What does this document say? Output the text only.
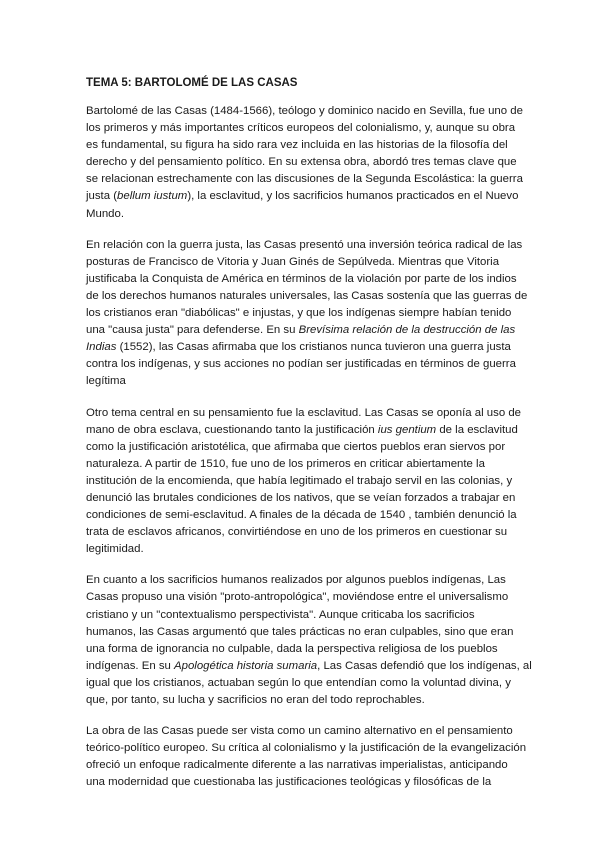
TEMA 5: BARTOLOMÉ DE LAS CASAS
Bartolomé de las Casas (1484-1566), teólogo y dominico nacido en Sevilla, fue uno de
los primeros y más importantes críticos europeos del colonialismo, y, aunque su obra
es fundamental, su figura ha sido rara vez incluida en las historias de la filosofía del
derecho y del pensamiento político. En su extensa obra, abordó tres temas clave que
se relacionan estrechamente con las discusiones de la Segunda Escolástica: la guerra
justa (bellum iustum), la esclavitud, y los sacrificios humanos practicados en el Nuevo
Mundo.
En relación con la guerra justa, las Casas presentó una inversión teórica radical de las
posturas de Francisco de Vitoria y Juan Ginés de Sepúlveda. Mientras que Vitoria
justificaba la Conquista de América en términos de la violación por parte de los indios
de los derechos humanos naturales universales, las Casas sostenía que las guerras de
los cristianos eran "diabólicas" e injustas, y que los indígenas siempre habían tenido
una "causa justa" para defenderse. En su Brevísima relación de la destrucción de las
Indias (1552), las Casas afirmaba que los cristianos nunca tuvieron una guerra justa
contra los indígenas, y sus acciones no podían ser justificadas en términos de guerra
legítima
Otro tema central en su pensamiento fue la esclavitud. Las Casas se oponía al uso de
mano de obra esclava, cuestionando tanto la justificación ius gentium de la esclavitud
como la justificación aristotélica, que afirmaba que ciertos pueblos eran siervos por
naturaleza. A partir de 1510, fue uno de los primeros en criticar abiertamente la
institución de la encomienda, que había legitimado el trabajo servil en las colonias, y
denunció las brutales condiciones de los nativos, que se veían forzados a trabajar en
condiciones de semi-esclavitud. A finales de la década de 1540 , también denunció la
trata de esclavos africanos, convirtiéndose en uno de los primeros en cuestionar su
legitimidad.
En cuanto a los sacrificios humanos realizados por algunos pueblos indígenas, Las
Casas propuso una visión "proto-antropológica", moviéndose entre el universalismo
cristiano y un "contextualismo perspectivista". Aunque criticaba los sacrificios
humanos, las Casas argumentó que tales prácticas no eran culpables, sino que eran
una forma de ignorancia no culpable, dada la perspectiva religiosa de los pueblos
indígenas. En su Apologética historia sumaria, Las Casas defendió que los indígenas, al
igual que los cristianos, actuaban según lo que entendían como la voluntad divina, y
que, por tanto, su lucha y sacrificios no eran del todo reprochables.
La obra de las Casas puede ser vista como un camino alternativo en el pensamiento
teórico-político europeo. Su crítica al colonialismo y la justificación de la evangelización
ofreció un enfoque radicalmente diferente a las narrativas imperialistas, anticipando
una modernidad que cuestionaba las justificaciones teológicas y filosóficas de la
